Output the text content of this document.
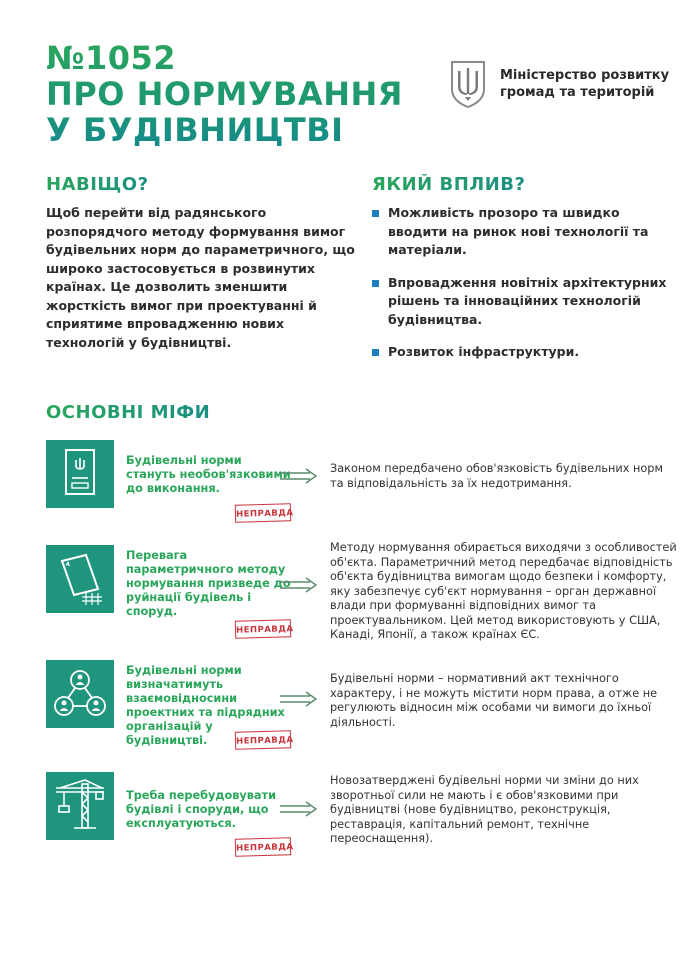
№1052
ПРО НОРМУВАННЯ
У БУДІВНИЦТВІ
Міністерство розвитку
громад та територій
НАВІЩО?
Щоб перейти від радянського
розпорядчого методу формування вимог
будівельних норм до параметричного, що
широко застосовується в розвинутих
країнах. Це дозволить зменшити
жорсткість вимог при проектуванні й
сприятиме впровадженню нових
технологій у будівництві.
ЯКИЙ ВПЛИВ?
Можливість прозоро та швидко
вводити на ринок нові технології та
матеріали.
Впровадження новітніх архітектурних
рішень та інноваційних технологій
будівництва.
Розвиток інфраструктури.
ОСНОВНІ МІФИ
Будівельні норми
стануть необов'язковими
до виконання.
Законом передбачено обов'язковість будівельних норм
та відповідальність за їх недотримання.
НЕПРАВДА
Перевага
параметричного методу
нормування призведе до
руйнації будівель і
споруд.
Методу нормування обирається виходячи з особливостей
об'єкта. Параметричний метод передбачає відповідність
об'єкта будівництва вимогам щодо безпеки і комфорту,
яку забезпечує суб'єкт нормування – орган державної
влади при формуванні відповідних вимог та
проектувальником. Цей метод використовують у США,
Канаді, Японії, а також країнах ЄС.
НЕПРАВДА
Будівельні норми
визначатимуть
взаємовідносини
проектних та підрядних
організацій у
будівництві.
Будівельні норми – нормативний акт технічного
характеру, і не можуть містити норм права, а отже не
регулюють відносин між особами чи вимоги до їхньої
діяльності.
НЕПРАВДА
Треба перебудовувати
будівлі і споруди, що
експлуатуються.
Новозатверджені будівельні норми чи зміни до них
зворотньої сили не мають і є обов'язковими при
будівництві (нове будівництво, реконструкція,
реставрація, капітальний ремонт, технічне
переоснащення).
НЕПРАВДА
